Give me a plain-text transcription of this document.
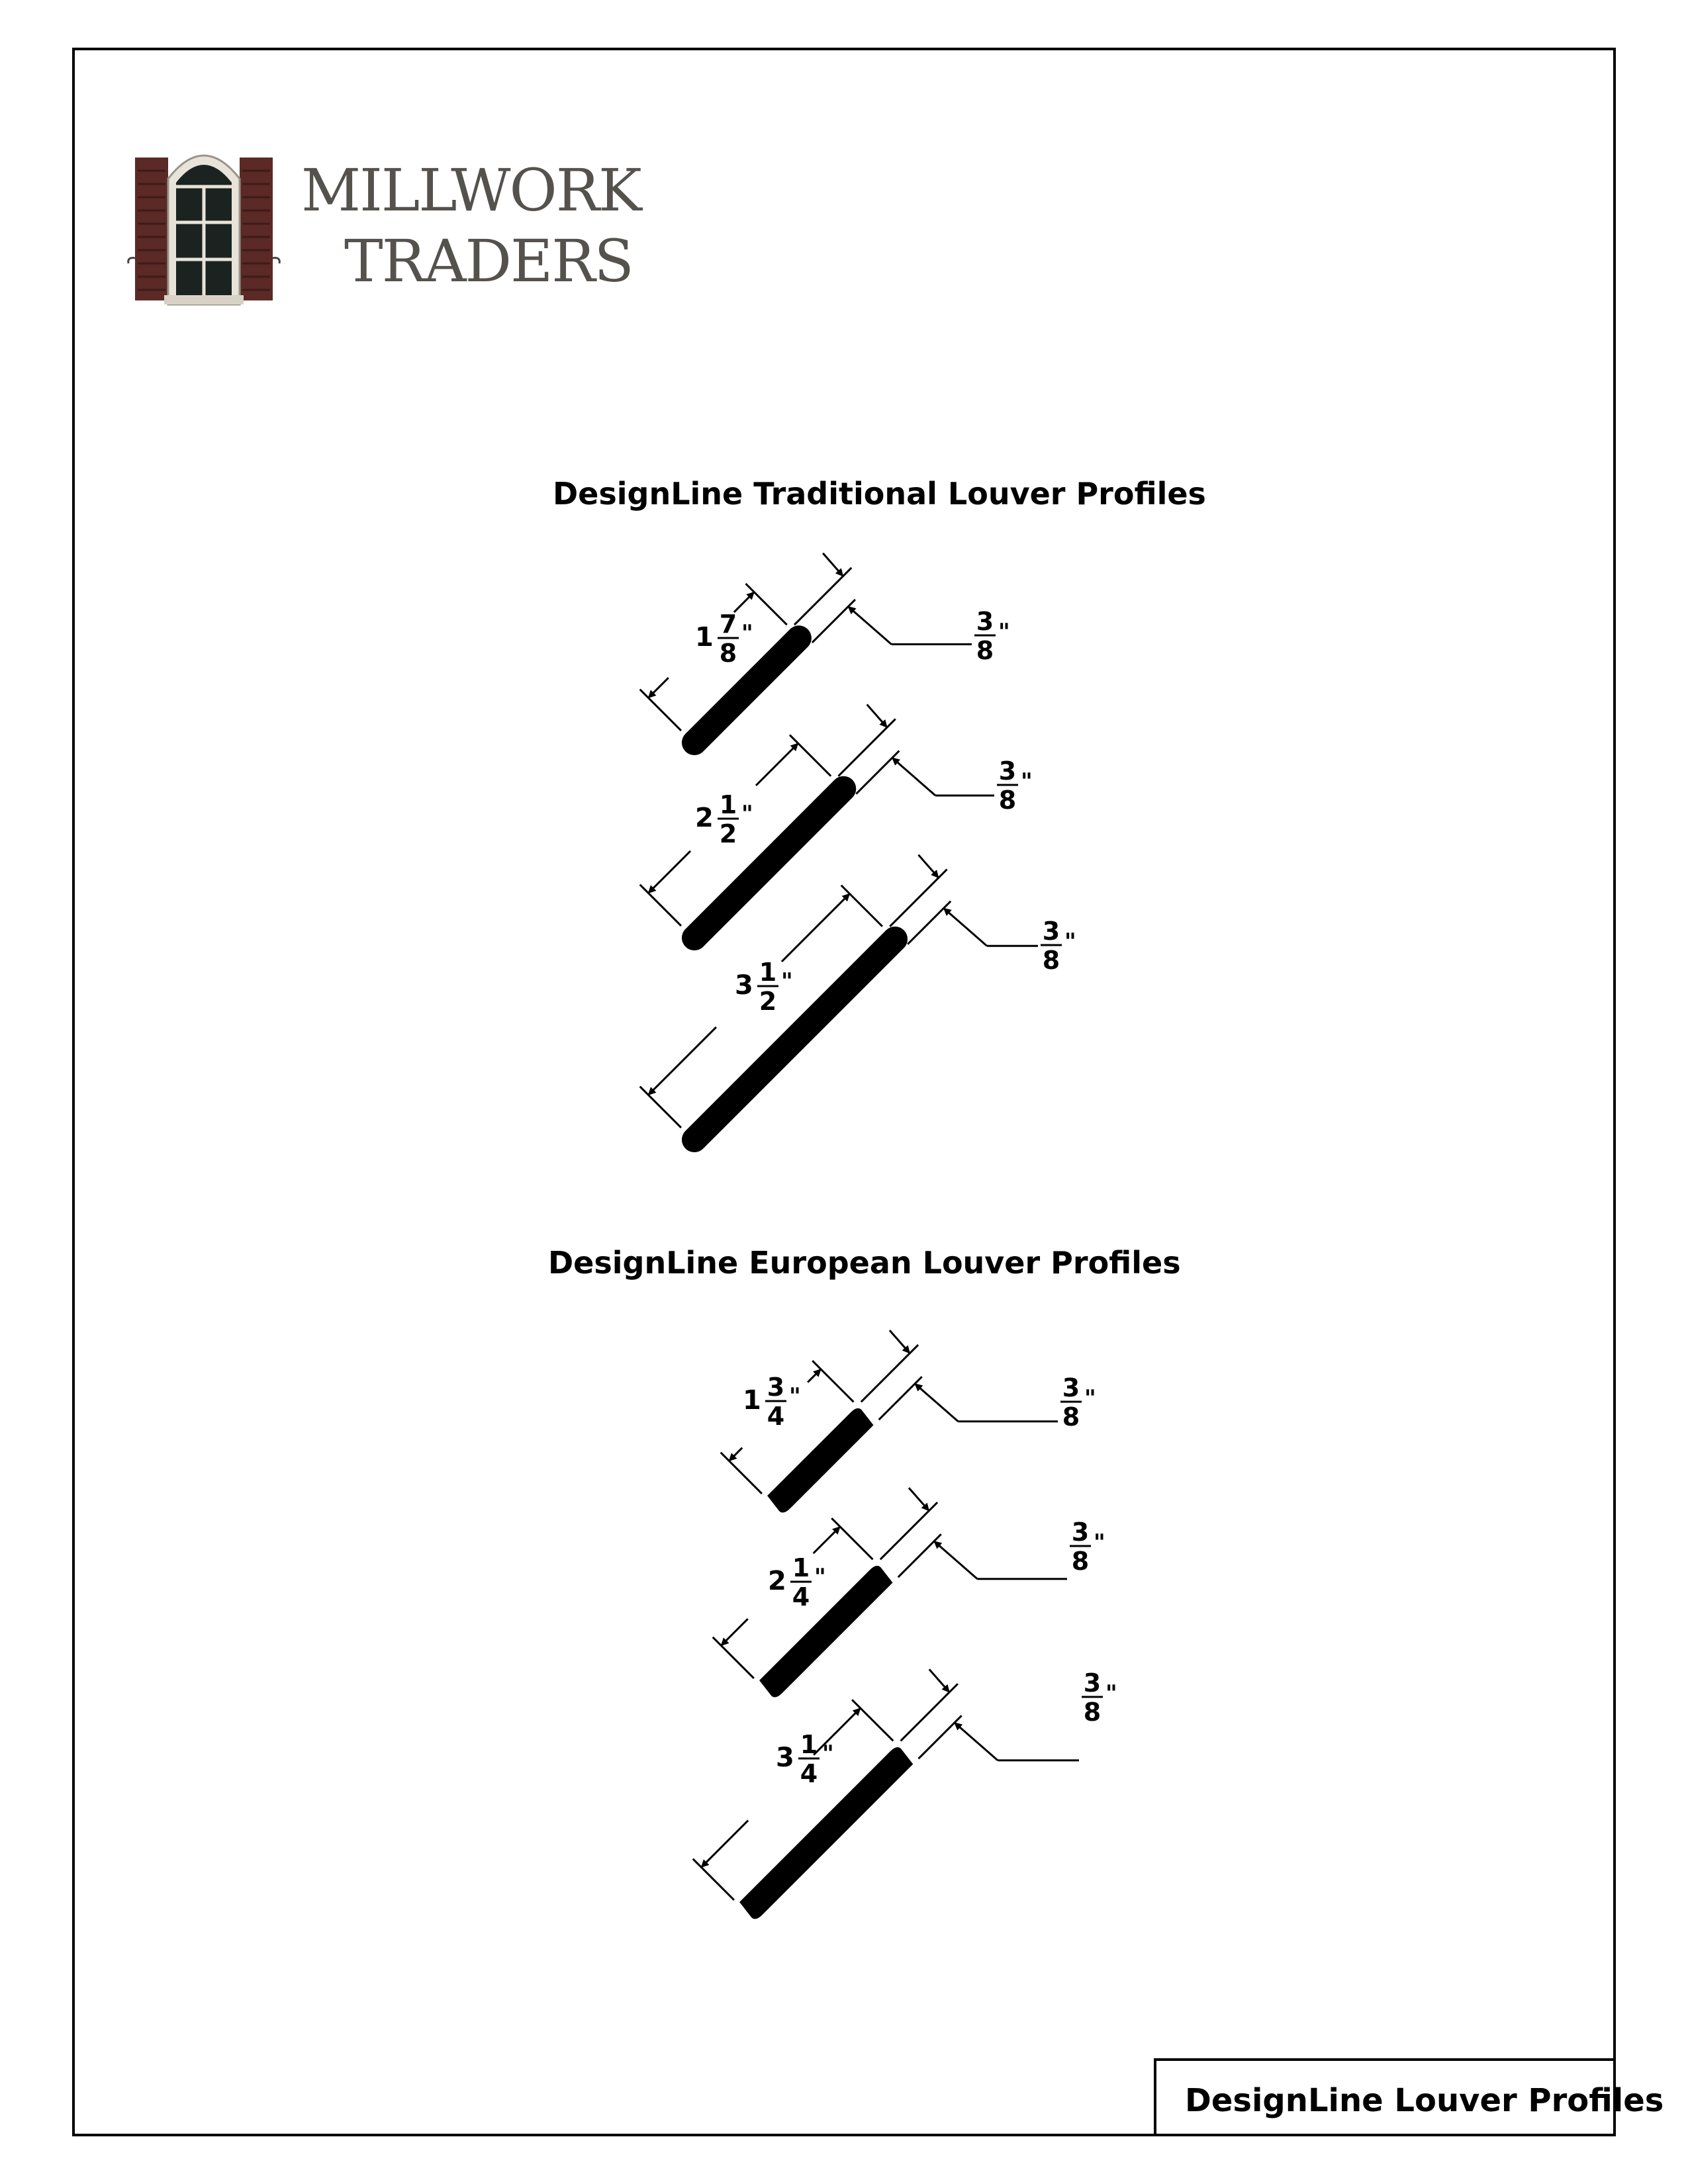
MILLWORK
TRADERS
DesignLine Traditional Louver Profiles
DesignLine European Louver Profiles
1 7
8
"	3
8
"
2 1
2
"
3
8
"
3 1
2
"
3
8
"
1 3
4
"	3
8
"
2 1
4
"
3
8
"
3 1
4
"
3
8
"
DesignLine Louver Profiles
